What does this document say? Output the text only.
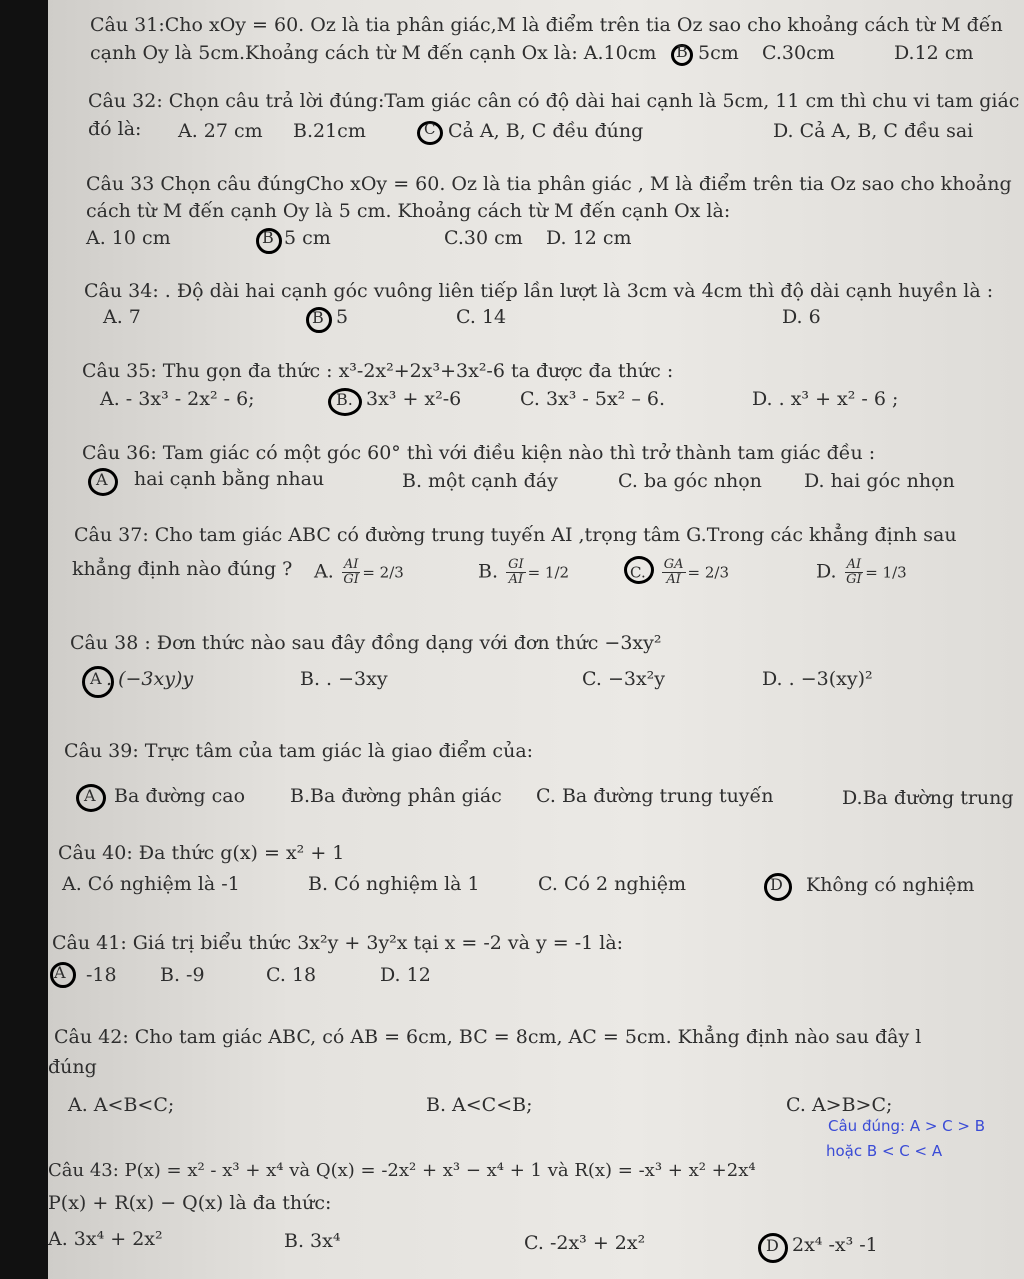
Câu 31:Cho xOy = 60. Oz là tia phân giác,M là điểm trên tia Oz sao cho khoảng cách từ M đến
cạnh Oy là 5cm.Khoảng cách từ M đến cạnh Ox là: A.10cm B 5cm C.30cm	D.12 cm
Câu 32: Chọn câu trả lời đúng:Tam giác cân có độ dài hai cạnh là 5cm, 11 cm thì chu vi tam giác
đó là: A. 27 cm B.21cm	C Cả A, B, C đều đúng	D. Cả A, B, C đều sai
Câu 33 Chọn câu đúngCho xOy = 60. Oz là tia phân giác , M là điểm trên tia Oz sao cho khoảng
cách từ M đến cạnh Oy là 5 cm. Khoảng cách từ M đến cạnh Ox là:
A. 10 cm	B 5 cm	C.30 cm D. 12 cm
Câu 34: . Độ dài hai cạnh góc vuông liên tiếp lần lượt là 3cm và 4cm thì độ dài cạnh huyền là :
A. 7	B 5	C. 14	D. 6
Câu 35: Thu gọn đa thức : x³-2x²+2x³+3x²-6 ta được đa thức :
A. - 3x³ - 2x² - 6;	B. 3x³ + x²-6	C. 3x³ - 5x² – 6.	D. . x³ + x² - 6 ;
Câu 36: Tam giác có một góc 60° thì với điều kiện nào thì trở thành tam giác đều :
A hai cạnh bằng nhau	B. một cạnh đáy	C. ba góc nhọn D. hai góc nhọn
Câu 37: Cho tam giác ABC có đường trung tuyến AI ,trọng tâm G.Trong các khẳng định sau
khẳng định nào đúng ? A. $\frac{AI}{GI} = 2/3$	B. $\frac{GI}{AI} = 1/2$	C. $\frac{GA}{AI} = 2/3$	D. $\frac{AI}{GI} = 1/3$
Câu 38 : Đơn thức nào sau đây đồng dạng với đơn thức −3xy²
A . (−3xy)y	B. . −3xy	C. −3x²y	D. . −3(xy)²
Câu 39: Trực tâm của tam giác là giao điểm của:
A Ba đường cao B.Ba đường phân giác C. Ba đường trung tuyến	D.Ba đường trung
Câu 40: Đa thức g(x) = x² + 1
A. Có nghiệm là -1	B. Có nghiệm là 1	C. Có 2 nghiệm	D Không có nghiệm
Câu 41: Giá trị biểu thức 3x²y + 3y²x tại x = -2 và y = -1 là:
A -18 B. -9	C. 18	D. 12
Câu 42: Cho tam giác ABC, có AB = 6cm, BC = 8cm, AC = 5cm. Khẳng định nào sau đây l
đúng
A. A<B<C;	B. A<C<B;	C. A>B>C;
Câu đúng: A > C > B
hoặc B < C < A
Câu 43: P(x) = x² - x³ + x⁴ và Q(x) = -2x² + x³ − x⁴ + 1 và R(x) = -x³ + x² +2x⁴
P(x) + R(x) − Q(x) là đa thức:
A. 3x⁴ + 2x²	B. 3x⁴	C. -2x³ + 2x²	D 2x⁴ -x³ -1
